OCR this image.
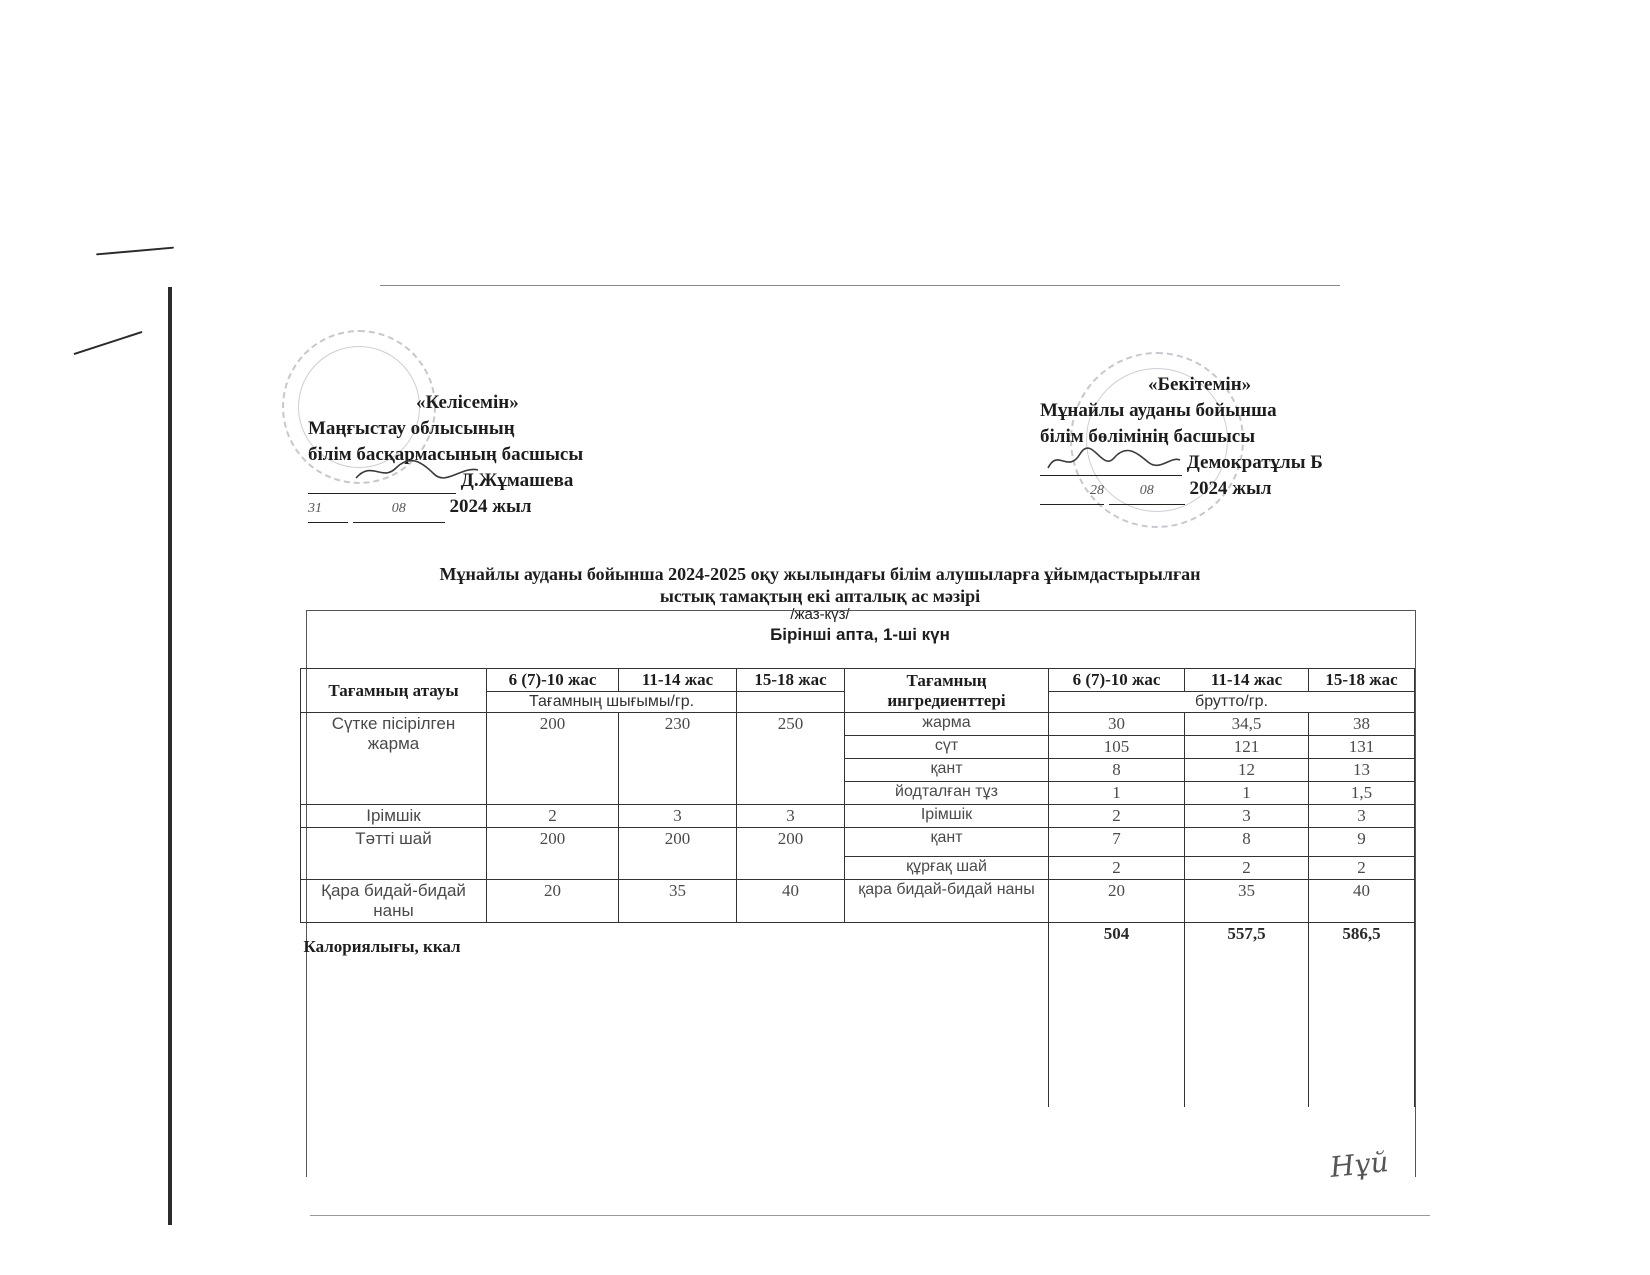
«Келісемін»
Маңғыстау облысының
білім басқармасының басшысы
Д.Жұмашева
31	08 2024 жыл
«Бекітемін»
Мұнайлы ауданы бойынша
білім бөлімінің басшысы
Демократұлы Б
28	08 2024 жыл
Мұнайлы ауданы бойынша 2024-2025 оқу жылындағы білім алушыларға ұйымдастырылған
ыстық тамақтың екі апталық ас мәзірі
/жаз-күз/
Бірінші апта, 1-ші күн
Тағамның атауы	6 (7)-10 жас	11-14 жас	15-18 жас	Тағамның ингредиенттері	6 (7)-10 жас	11-14 жас	15-18 жас
	Тағамның шығымы/гр.				брутто/гр.		
Сүтке пісірілген жарма	200	230	250	жарма	30	34,5	38
				сүт	105	121	131
				қант	8	12	13
				йодталған тұз	1	1	1,5
Ірімшік	2	3	3	Ірімшік	2	3	3
Тәтті шай	200	200	200	қант	7	8	9
				құрғақ шай	2	2	2
Қара бидай-бидай наны	20	35	40	қара бидай-бидай наны	20	35	40
Калориялығы, ккал					504	557,5	586,5

Нұй
